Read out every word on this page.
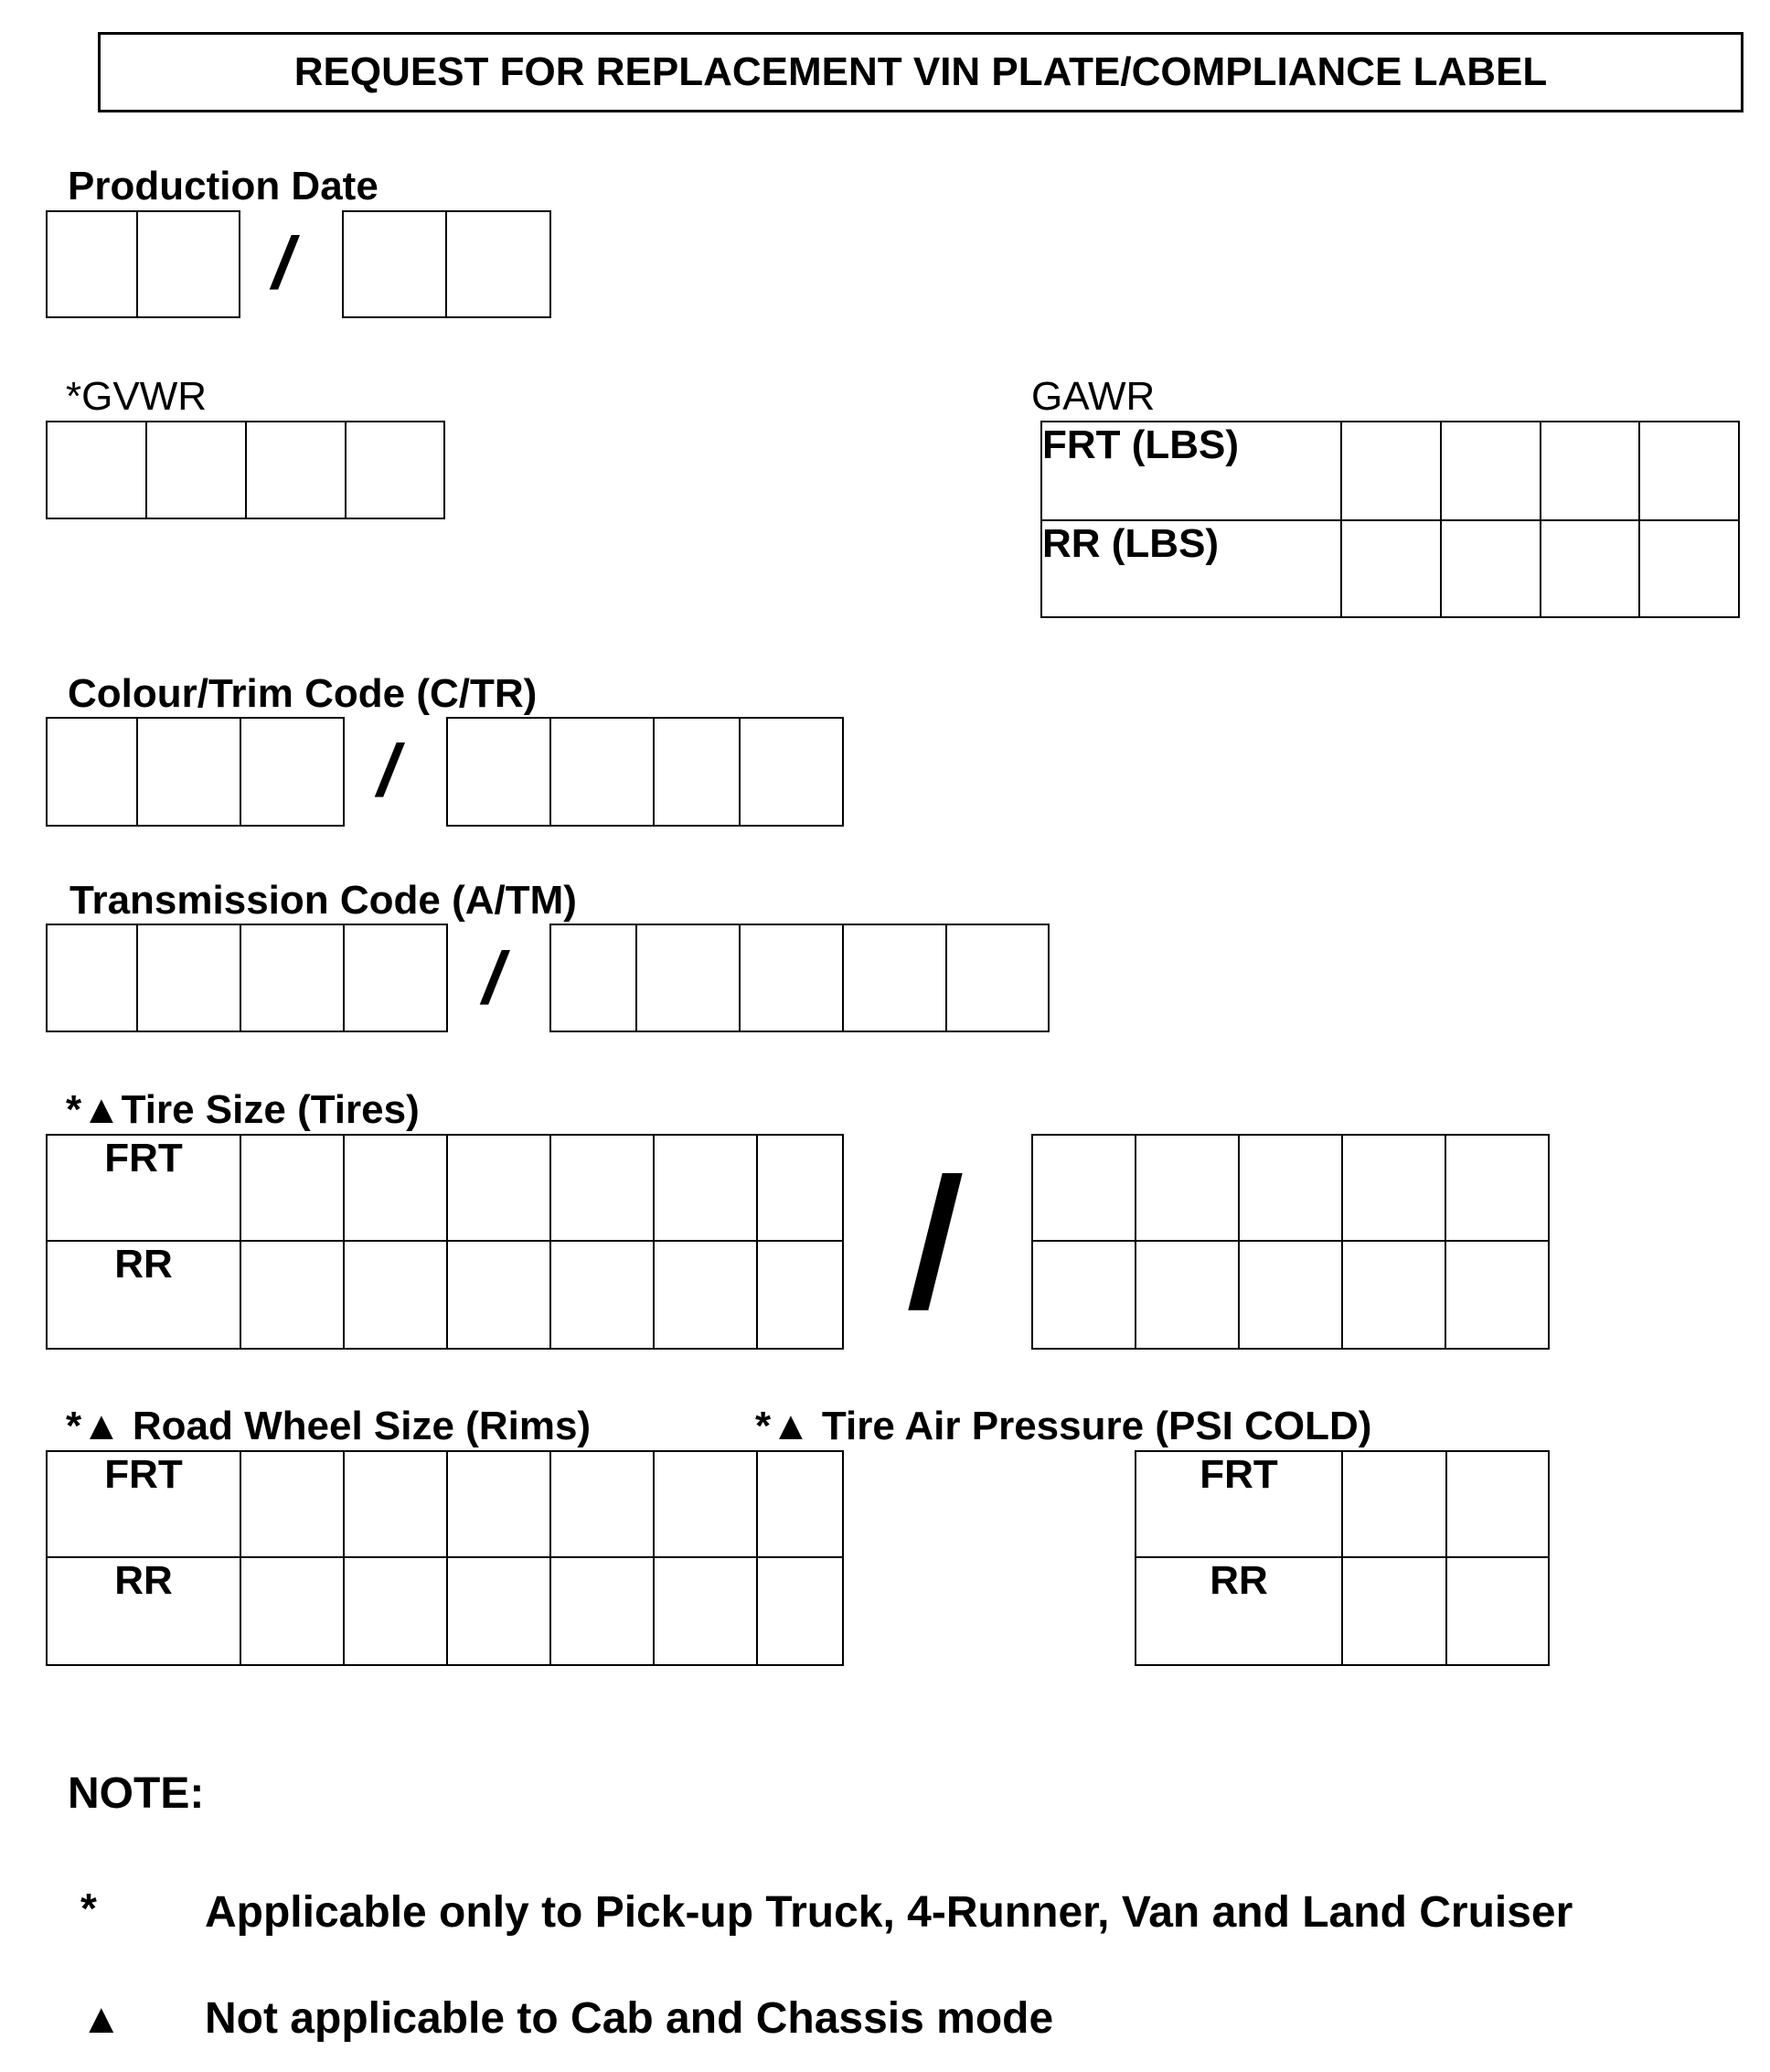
REQUEST FOR REPLACEMENT VIN PLATE/COMPLIANCE LABEL
Production Date

/

*GVWR
				GAWR
FRT (LBS)				
RR (LBS)				
Colour/Trim Code (C/TR)

/

Transmission Code (A/TM)

/

*▲Tire Size (Tires)
FRT						
RR						

*▲ Road Wheel Size (Rims)
FRT						
RR						
*▲ Tire Air Pressure (PSI COLD)
FRT		
RR		
NOTE:
* Applicable only to Pick-up Truck, 4-Runner, Van and Land Cruiser
▲ Not applicable to Cab and Chassis mode
